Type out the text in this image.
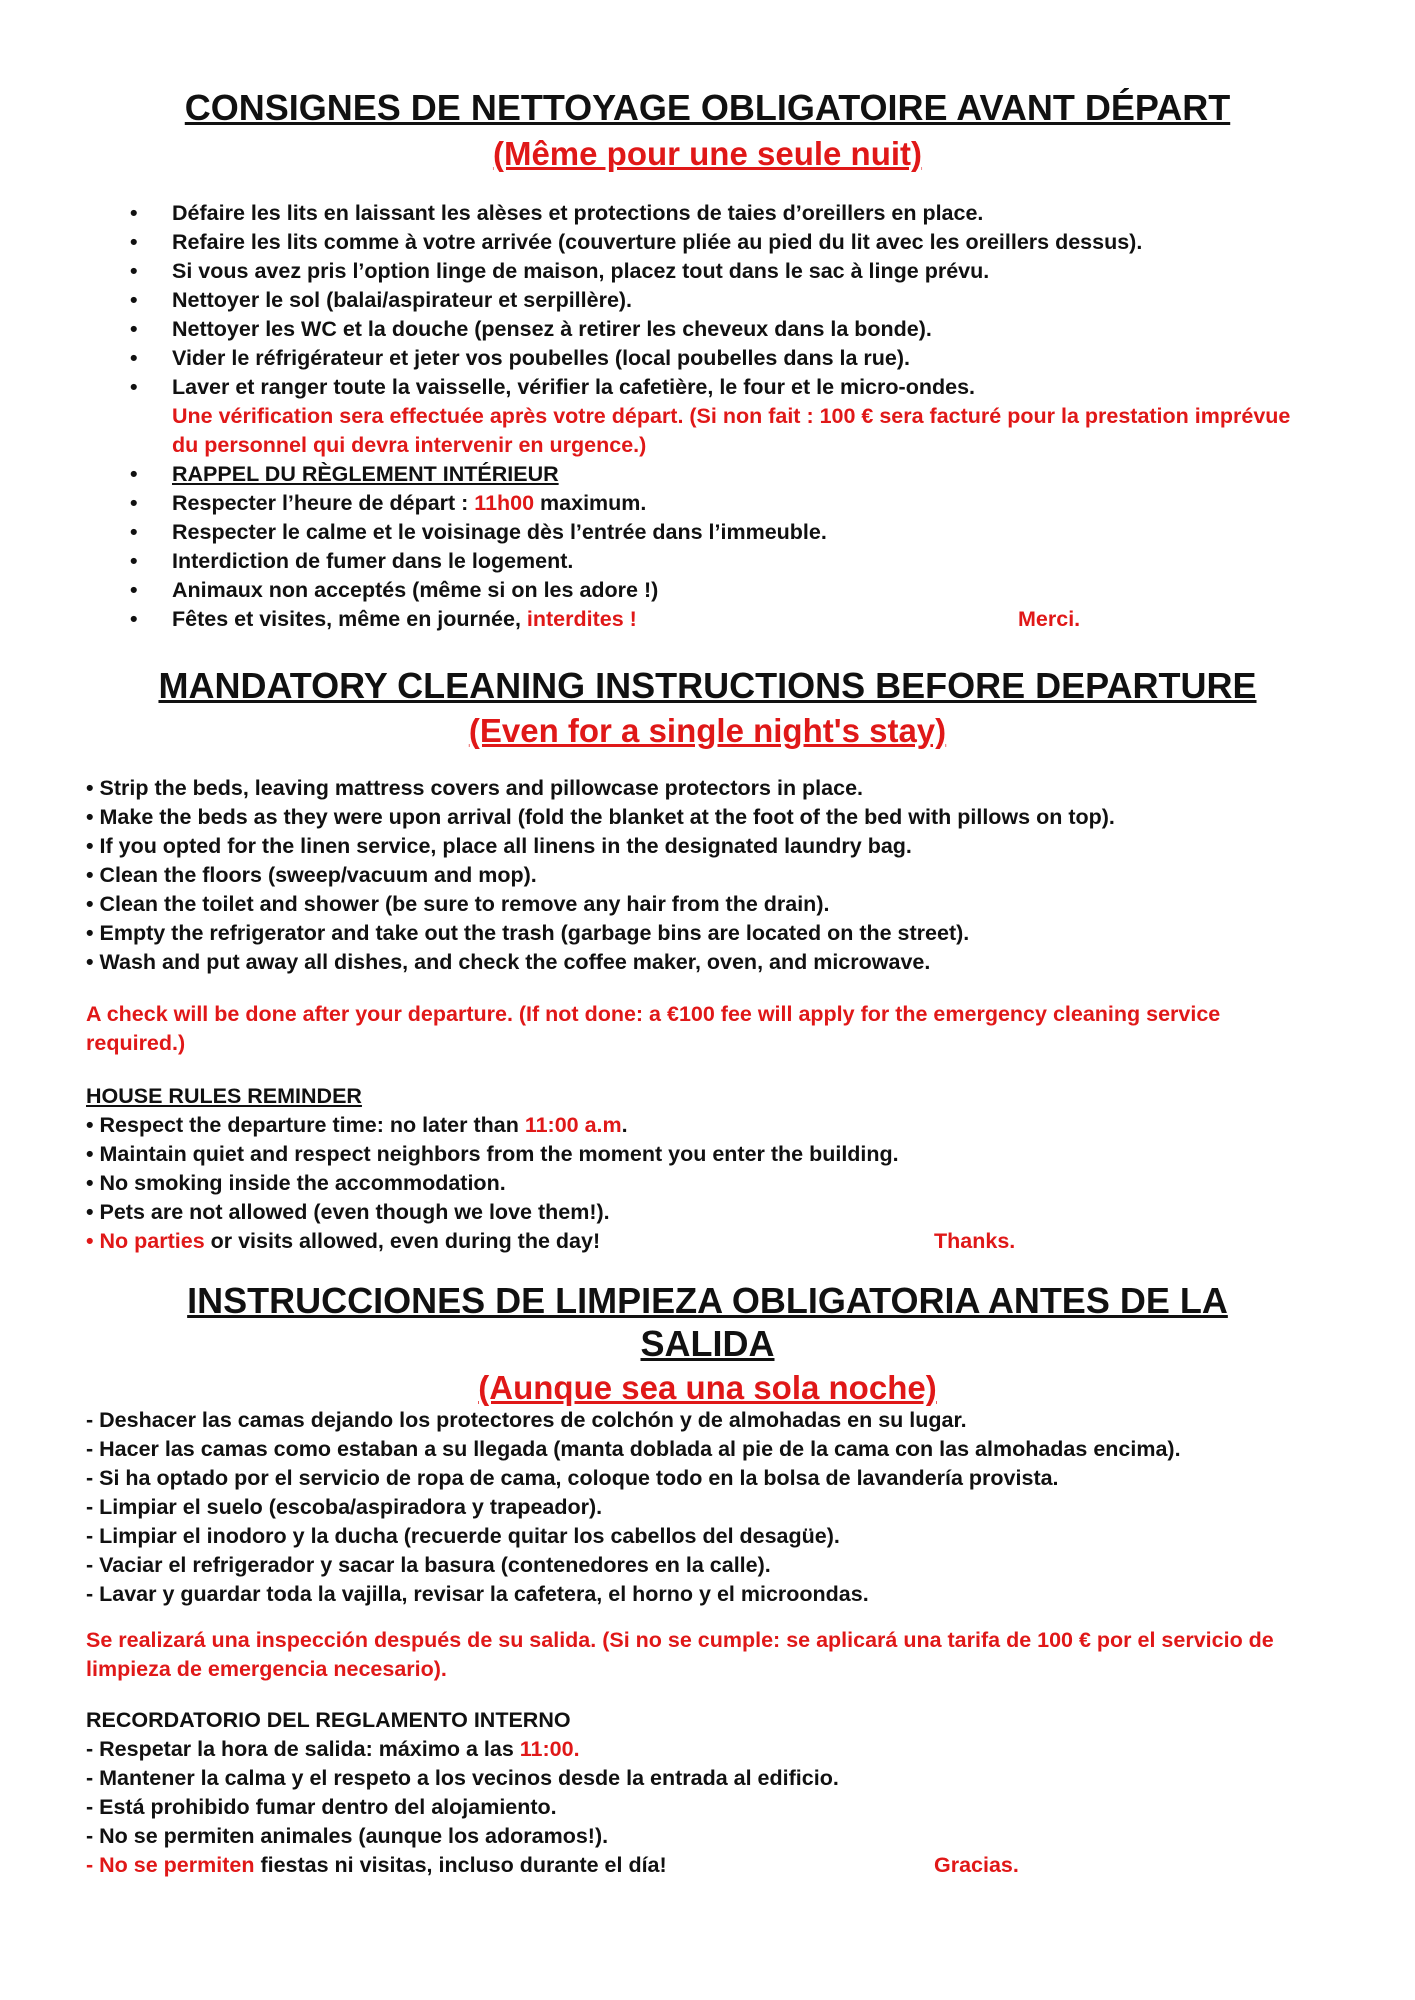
CONSIGNES DE NETTOYAGE OBLIGATOIRE AVANT DÉPART
(Même pour une seule nuit)
• Défaire les lits en laissant les alèses et protections de taies d’oreillers en place.
• Refaire les lits comme à votre arrivée (couverture pliée au pied du lit avec les oreillers dessus).
• Si vous avez pris l’option linge de maison, placez tout dans le sac à linge prévu.
• Nettoyer le sol (balai/aspirateur et serpillère).
• Nettoyer les WC et la douche (pensez à retirer les cheveux dans la bonde).
• Vider le réfrigérateur et jeter vos poubelles (local poubelles dans la rue).
• Laver et ranger toute la vaisselle, vérifier la cafetière, le four et le micro-ondes.
Une vérification sera effectuée après votre départ. (Si non fait : 100 € sera facturé pour la prestation imprévue du personnel qui devra intervenir en urgence.)
• RAPPEL DU RÈGLEMENT INTÉRIEUR
• Respecter l’heure de départ : 11h00 maximum.
• Respecter le calme et le voisinage dès l’entrée dans l’immeuble.
• Interdiction de fumer dans le logement.
• Animaux non acceptés (même si on les adore !)
• Fêtes et visites, même en journée, interdites !	Merci.
MANDATORY CLEANING INSTRUCTIONS BEFORE DEPARTURE
(Even for a single night's stay)
• Strip the beds, leaving mattress covers and pillowcase protectors in place.
• Make the beds as they were upon arrival (fold the blanket at the foot of the bed with pillows on top).
• If you opted for the linen service, place all linens in the designated laundry bag.
• Clean the floors (sweep/vacuum and mop).
• Clean the toilet and shower (be sure to remove any hair from the drain).
• Empty the refrigerator and take out the trash (garbage bins are located on the street).
• Wash and put away all dishes, and check the coffee maker, oven, and microwave.
A check will be done after your departure. (If not done: a €100 fee will apply for the emergency cleaning service required.)
HOUSE RULES REMINDER
• Respect the departure time: no later than 11:00 a.m.
• Maintain quiet and respect neighbors from the moment you enter the building.
• No smoking inside the accommodation.
• Pets are not allowed (even though we love them!).
• No parties or visits allowed, even during the day!	Thanks.
INSTRUCCIONES DE LIMPIEZA OBLIGATORIA ANTES DE LA
SALIDA
(Aunque sea una sola noche)
- Deshacer las camas dejando los protectores de colchón y de almohadas en su lugar.
- Hacer las camas como estaban a su llegada (manta doblada al pie de la cama con las almohadas encima).
- Si ha optado por el servicio de ropa de cama, coloque todo en la bolsa de lavandería provista.
- Limpiar el suelo (escoba/aspiradora y trapeador).
- Limpiar el inodoro y la ducha (recuerde quitar los cabellos del desagüe).
- Vaciar el refrigerador y sacar la basura (contenedores en la calle).
- Lavar y guardar toda la vajilla, revisar la cafetera, el horno y el microondas.
Se realizará una inspección después de su salida. (Si no se cumple: se aplicará una tarifa de 100 € por el servicio de limpieza de emergencia necesario).
RECORDATORIO DEL REGLAMENTO INTERNO
- Respetar la hora de salida: máximo a las 11:00.
- Mantener la calma y el respeto a los vecinos desde la entrada al edificio.
- Está prohibido fumar dentro del alojamiento.
- No se permiten animales (aunque los adoramos!).
- No se permiten fiestas ni visitas, incluso durante el día!	Gracias.
